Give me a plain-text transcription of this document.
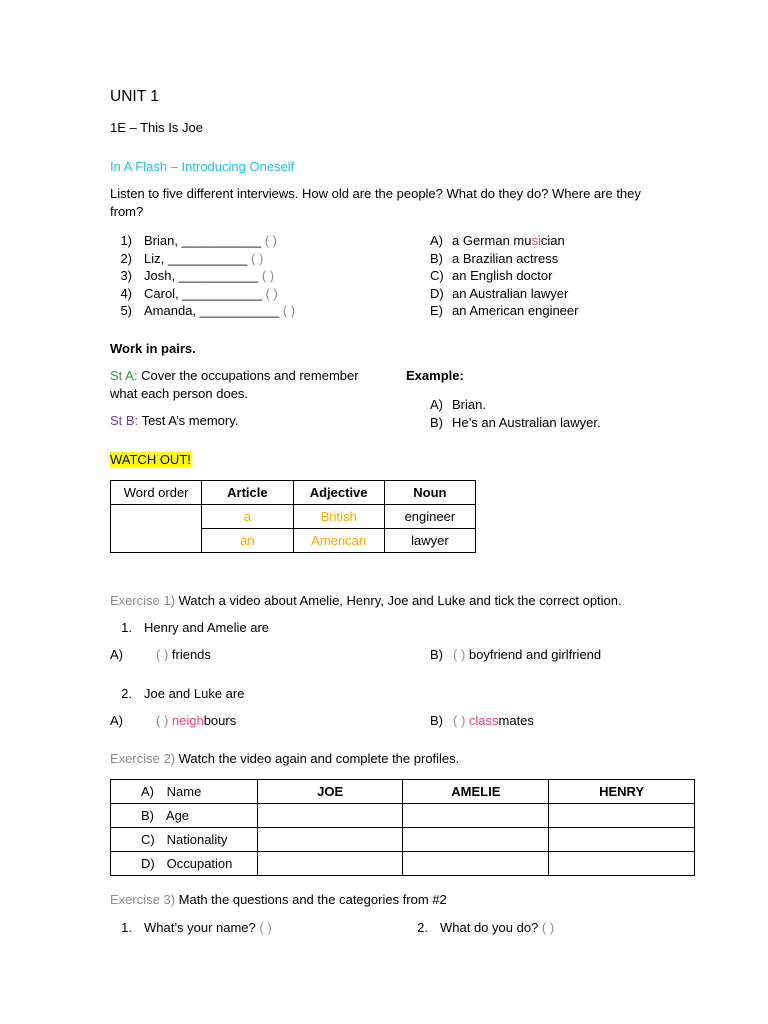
UNIT 1
1E – This Is Joe
In A Flash – Introducing Oneself
Listen to five different interviews. How old are the people? What do they do? Where are they
from?
1) Brian, ___________ ( )
2) Liz, ___________ ( )
3) Josh, ___________ ( )
4) Carol, ___________ ( )
5) Amanda, ___________ ( )
A) a German musician
B) a Brazilian actress
C) an English doctor
D) an Australian lawyer
E) an American engineer
Work in pairs.
St A: Cover the occupations and remember
what each person does.
St B: Test A’s memory.
Example:
A) Brian.
B) He’s an Australian lawyer.
WATCH OUT!
Word order	Article	Adjective	Noun
	a	British	engineer
	an	American	lawyer
Exercise 1) Watch a video about Amelie, Henry, Joe and Luke and tick the correct option.
1. Henry and Amelie are
A)	( ) friends	B) ( ) boyfriend and girlfriend
2. Joe and Luke are
A)	( ) neighbours	B) ( ) classmates
Exercise 2) Watch the video again and complete the profiles.
A) Name	JOE	AMELIE	HENRY
B) Age			
C) Nationality			
D) Occupation			
Exercise 3) Math the questions and the categories from #2
1. What’s your name? ( )	2. What do you do? ( )
